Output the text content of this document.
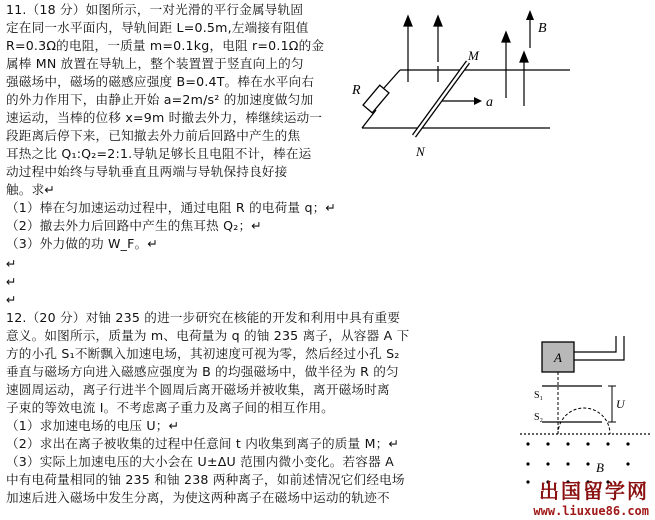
11.（18 分）如图所示，一对光滑的平行金属导轨固
定在同一水平面内，导轨间距 L=0.5m,左端接有阻值
R=0.3Ω的电阻，一质量 m=0.1kg，电阻 r=0.1Ω的金
属棒 MN 放置在导轨上，整个装置置于竖直向上的匀
强磁场中，磁场的磁感应强度 B=0.4T。棒在水平向右
的外力作用下，由静止开始 a=2m/s² 的加速度做匀加
速运动，当棒的位移 x=9m 时撤去外力，棒继续运动一
段距离后停下来，已知撤去外力前后回路中产生的焦
耳热之比 Q₁:Q₂=2:1.导轨足够长且电阻不计，棒在运
动过程中始终与导轨垂直且两端与导轨保持良好接
触。求↵
（1）棒在匀加速运动过程中，通过电阻 R 的电荷量 q；↵
（2）撤去外力后回路中产生的焦耳热 Q₂；↵
（3）外力做的功 W_F。↵
↵
↵
↵
R
M
N
a
B
12.（20 分）对铀 235 的进一步研究在核能的开发和利用中具有重要
意义。如图所示，质量为 m、电荷量为 q 的铀 235 离子，从容器 A 下
方的小孔 S₁不断飘入加速电场，其初速度可视为零，然后经过小孔 S₂
垂直与磁场方向进入磁感应强度为 B 的均强磁场中，做半径为 R 的匀
速圆周运动，离子行进半个圆周后离开磁场并被收集，离开磁场时离
子束的等效电流 I。不考虑离子重力及离子间的相互作用。
（1）求加速电场的电压 U；↵
（2）求出在离子被收集的过程中任意间 t 内收集到离子的质量 M；↵
（3）实际上加速电压的大小会在 U±ΔU 范围内微小变化。若容器 A
中有电荷量相同的铀 235 和铀 238 两种离子，如前述情况它们经电场
加速后进入磁场中发生分离，为使这两种离子在磁场中运动的轨迹不
A
S₁
S₂
U
B
出国留学网
www.liuxue86.com
